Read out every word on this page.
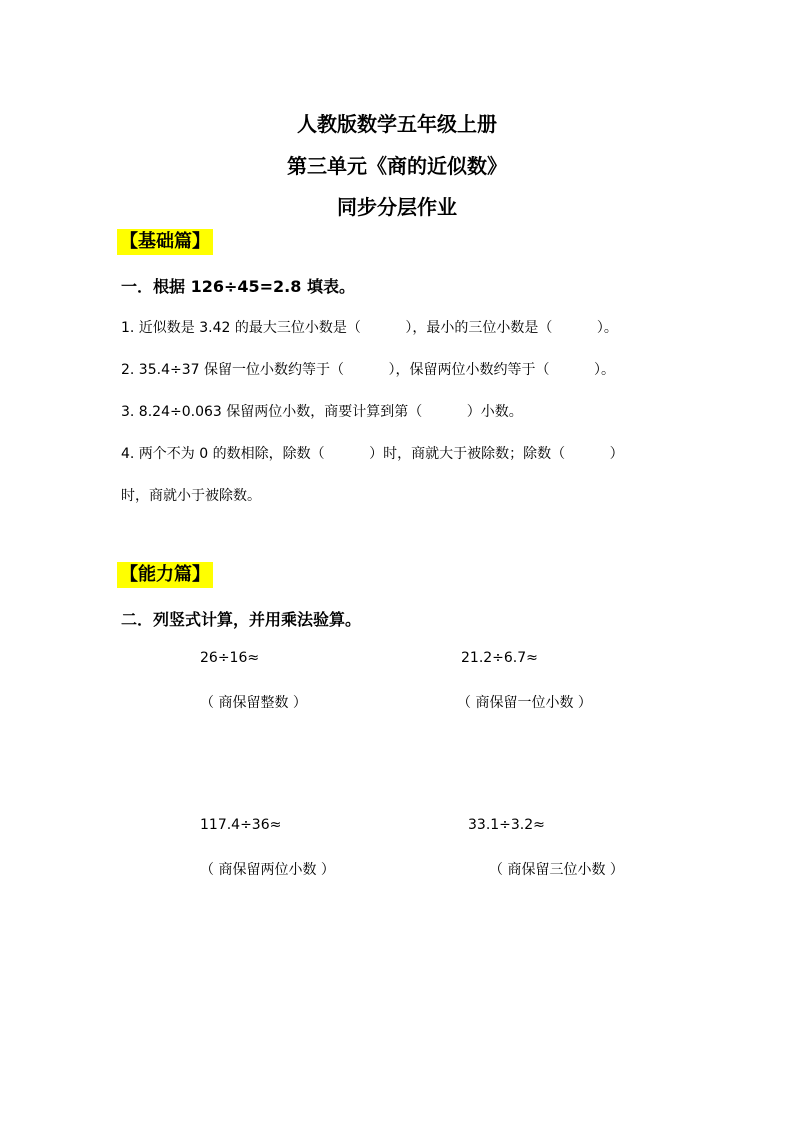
人教版数学五年级上册
第三单元《商的近似数》
同步分层作业
【基础篇】
一．根据 126÷45=2.8 填表。
1. 近似数是 3.42 的最大三位小数是（          ），最小的三位小数是（          ）。
2. 35.4÷37 保留一位小数约等于（          ），保留两位小数约等于（          ）。
3. 8.24÷0.063 保留两位小数，商要计算到第（          ）小数。
4. 两个不为 0 的数相除，除数（          ）时，商就大于被除数；除数（          ）
时，商就小于被除数。
【能力篇】
二．列竖式计算，并用乘法验算。
26÷16≈
（ 商保留整数 ）
21.2÷6.7≈
（ 商保留一位小数 ）
117.4÷36≈
（ 商保留两位小数 ）
33.1÷3.2≈
（ 商保留三位小数 ）
